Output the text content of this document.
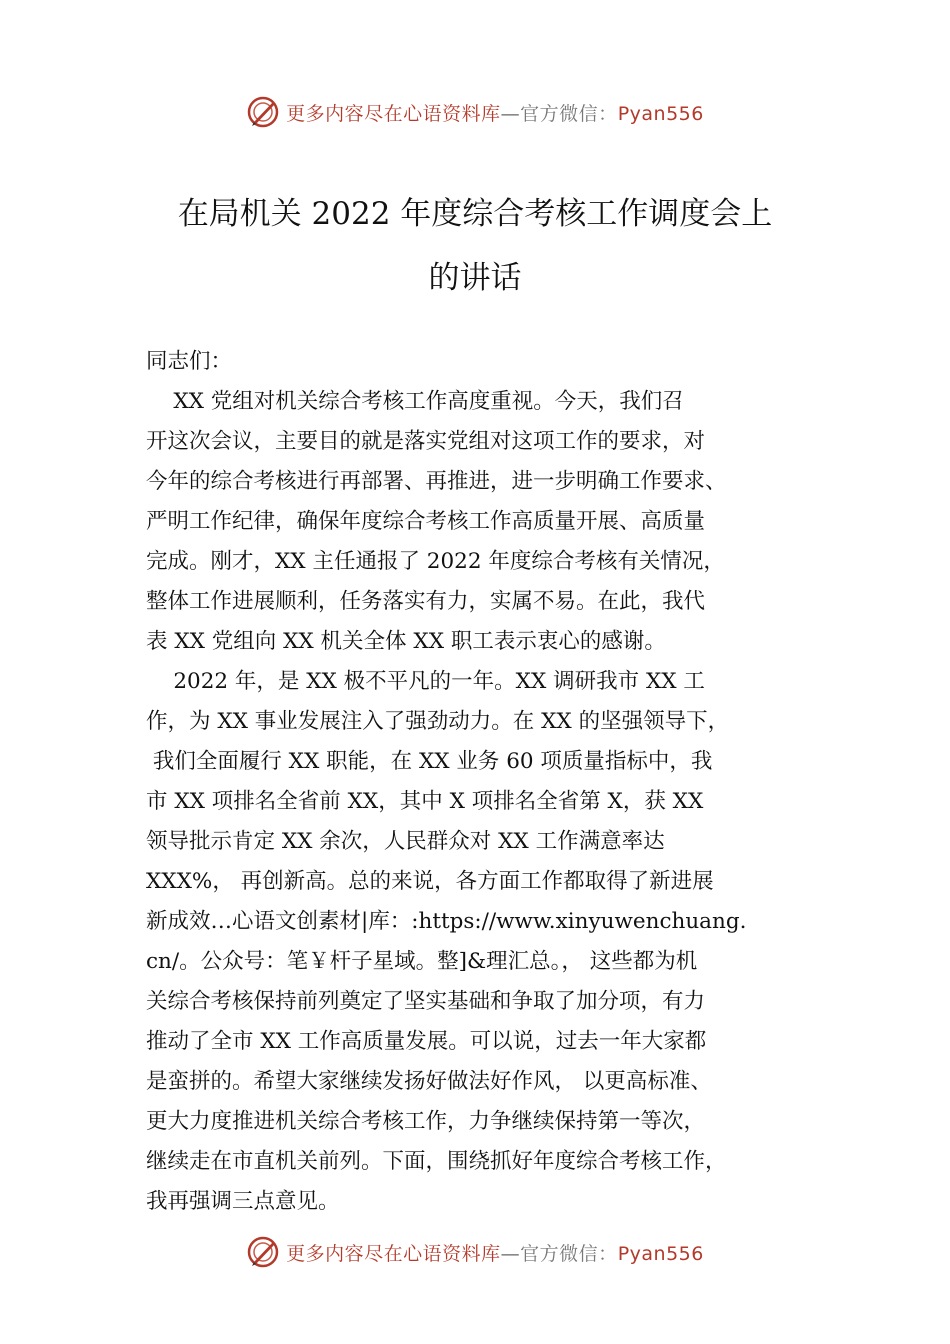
更多内容尽在心语资料库—官方微信：Pyan556
在局机关 2022 年度综合考核工作调度会上
的讲话
同志们：
XX 党组对机关综合考核工作高度重视。今天，我们召
开这次会议，主要目的就是落实党组对这项工作的要求，对
今年的综合考核进行再部署、再推进，进一步明确工作要求、
严明工作纪律，确保年度综合考核工作高质量开展、高质量
完成。刚才，XX 主任通报了 2022 年度综合考核有关情况，
整体工作进展顺利，任务落实有力，实属不易。在此，我代
表 XX 党组向 XX 机关全体 XX 职工表示衷心的感谢。
2022 年，是 XX 极不平凡的一年。XX 调研我市 XX 工
作，为 XX 事业发展注入了强劲动力。在 XX 的坚强领导下，
我们全面履行 XX 职能，在 XX 业务 60 项质量指标中，我
市 XX 项排名全省前 XX，其中 X 项排名全省第 X，获 XX
领导批示肯定 XX 余次，人民群众对 XX 工作满意率达
XXX%， 再创新高。总的来说，各方面工作都取得了新进展
新成效…心语文创素材|库：:https://www.xinyuwenchuang.
cn/。公众号：笔￥杆子星域。整]&理汇总。， 这些都为机
关综合考核保持前列奠定了坚实基础和争取了加分项，有力
推动了全市 XX 工作高质量发展。可以说，过去一年大家都
是蛮拼的。希望大家继续发扬好做法好作风， 以更高标准、
更大力度推进机关综合考核工作，力争继续保持第一等次，
继续走在市直机关前列。下面，围绕抓好年度综合考核工作，
我再强调三点意见。
更多内容尽在心语资料库—官方微信：Pyan556
